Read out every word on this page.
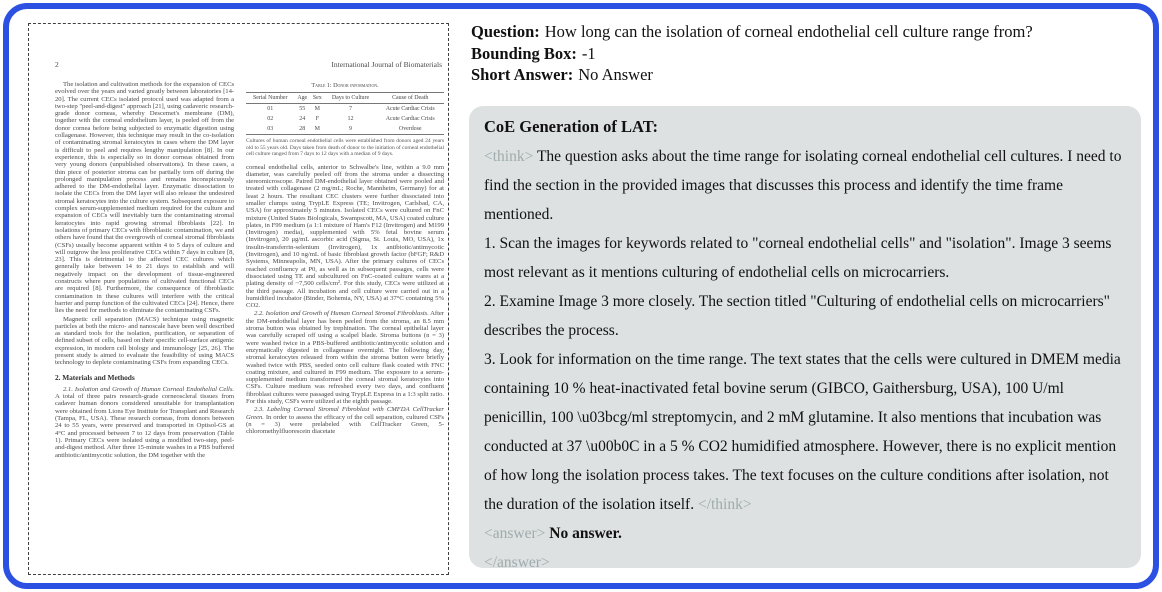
2	International Journal of Biomaterials

The isolation and cultivation methods for the expansion of CECs evolved over the years and varied greatly between laboratories [14-20]. The current CECs isolated protocol used was adapted from a two-step "peel-and-digest" approach [21], using cadaveric research-grade donor corneas, whereby Descemet's membrane (DM), together with the corneal endothelium layer, is peeled off from the donor cornea before being subjected to enzymatic digestion using collagenase. However, this technique may result in the co-isolation of contaminating stromal keratocytes in cases where the DM layer is difficult to peel and requires lengthy manipulation [8]. In our experience, this is especially so in donor corneas obtained from very young donors (unpublished observations). In these cases, a thin piece of posterior stroma can be partially torn off during the prolonged manipulation process and remains inconspicuously adhered to the DM-endothelial layer. Enzymatic dissociation to isolate the CECs from the DM layer will also release the undesired stromal keratocytes into the culture system. Subsequent exposure to complex serum-supplemented medium required for the culture and expansion of CECs will inevitably turn the contaminating stromal keratocytes into rapid growing stromal fibroblasts [22]. In isolations of primary CECs with fibroblastic contamination, we and others have found that the overgrowth of corneal stromal fibroblasts (CSFs) usually become apparent within 4 to 5 days of culture and will outgrow the less proliferative CECs within 7 days in culture [8, 23]. This is detrimental to the affected CEC cultures which generally take between 14 to 21 days to establish and will negatively impact on the development of tissue-engineered constructs where pure populations of cultivated functional CECs are required [8]. Furthermore, the consequence of fibroblastic contamination in these cultures will interfere with the critical barrier and pump function of the cultivated CECs [24]. Hence, there lies the need for methods to eliminate the contaminating CSFs.

Magnetic cell separation (MACS) technique using magnetic particles at both the micro- and nanoscale have been well described as standard tools for the isolation, purification, or separation of defined subset of cells, based on their specific cell-surface antigenic expression, in modern cell biology and immunology [25, 26]. The present study is aimed to evaluate the feasibility of using MACS technology to deplete contaminating CSFs from expanding CECs.

2. Materials and Methods

2.1. Isolation and Growth of Human Corneal Endothelial Cells. A total of three pairs research-grade corneoscleral tissues from cadaver human donors considered unsuitable for transplantation were obtained from Lions Eye Institute for Transplant and Research (Tampa, FL, USA). These research corneas, from donors between 24 to 55 years, were preserved and transported in Optisol-GS at 4°C and processed between 7 to 12 days from preservation (Table 1). Primary CECs were isolated using a modified two-step, peel-and-digest method. After three 15-minute washes in a PBS buffered antibiotic/antimycotic solution, the DM together with the

Table 1: Donor information.
Serial Number	Age	Sex	Days to Culture	Cause of Death
01	55	M	7	Acute Cardiac Crisis
02	24	F	12	Acute Cardiac Crisis
03	28	M	9	Overdose
Cultures of human corneal endothelial cells were established from donors aged 24 years old to 55 years old. Days taken from death of donor to the initiation of corneal endothelial cell culture ranged from 7 days to 12 days with a median of 9 days.

corneal endothelial cells, anterior to Schwalbe's line, within a 9.0 mm diameter, was carefully peeled off from the stroma under a dissecting stereomicroscope. Paired DM-endothelial layer obtained were pooled and treated with collagenase (2 mg/mL; Roche, Mannheim, Germany) for at least 2 hours. The resultant CEC clusters were further dissociated into smaller clumps using TrypLE Express (TE; Invitrogen, Carlsbad, CA, USA) for approximately 5 minutes. Isolated CECs were cultured on FnC mixture (United States Biologicals, Swampscott, MA, USA) coated culture plates, in F99 medium (a 1:1 mixture of Ham's F12 (Invitrogen) and M199 (Invitrogen) media), supplemented with 5% fetal bovine serum (Invitrogen), 20 μg/mL ascorbic acid (Sigma, St. Louis, MO, USA), 1x insulin-transferrin-selenium (Invitrogen), 1x antibiotic/antimycotic (Invitrogen), and 10 ng/mL of basic fibroblast growth factor (bFGF; R&D Systems, Minneapolis, MN, USA). After the primary cultures of CECs reached confluency at P0, as well as in subsequent passages, cells were dissociated using TE and subcultured on FnC-coated culture wares at a plating density of ~7,500 cells/cm². For this study, CECs were utilized at the third passage. All incubation and cell culture were carried out in a humidified incubator (Binder, Bohemia, NY, USA) at 37°C containing 5% CO2.

2.2. Isolation and Growth of Human Corneal Stromal Fibroblasts. After the DM-endothelial layer has been peeled from the stroma, an 8.5 mm stroma button was obtained by trephination. The corneal epithelial layer was carefully scraped off using a scalpel blade. Stroma buttons (n = 3) were washed twice in a PBS-buffered antibiotic/antimycotic solution and enzymatically digested in collagenase overnight. The following day, stromal keratocytes released from within the stroma button were briefly washed twice with PBS, seeded onto cell culture flask coated with FNC coating mixture, and cultured in F99 medium. The exposure to a serum-supplemented medium transformed the corneal stromal keratocytes into CSFs. Culture medium was refreshed every two days, and confluent fibroblast cultures were passaged using TrypLE Express in a 1:3 split ratio. For this study, CSFs were utilized at the eighth passage.

2.3. Labeling Corneal Stromal Fibroblast with CMFDA CellTracker Green. In order to assess the efficacy of the cell separation, cultured CSFs (n = 3) were prelabeled with CellTracker Green, 5-chloromethylfluorescein diacetate

Question: How long can the isolation of corneal endothelial cell culture range from?
Bounding Box: -1
Short Answer: No Answer
CoE Generation of LAT:

<think> The question asks about the time range for isolating corneal endothelial cell cultures. I need to find the section in the provided images that discusses this process and identify the time frame mentioned.

1. Scan the images for keywords related to "corneal endothelial cells" and "isolation". Image 3 seems most relevant as it mentions culturing of endothelial cells on microcarriers.

2. Examine Image 3 more closely. The section titled "Culturing of endothelial cells on microcarriers" describes the process.

3. Look for information on the time range. The text states that the cells were cultured in DMEM media containing 10 % heat-inactivated fetal bovine serum (GIBCO, Gaithersburg, USA), 100 U/ml penicillin, 100 \u03bcg/ml streptomycin, and 2 mM glutamine. It also mentions that incubation was conducted at 37 \u00b0C in a 5 % CO2 humidified atmosphere. However, there is no explicit mention of how long the isolation process takes. The text focuses on the culture conditions after isolation, not the duration of the isolation itself. </think>

<answer> No answer.

</answer>
